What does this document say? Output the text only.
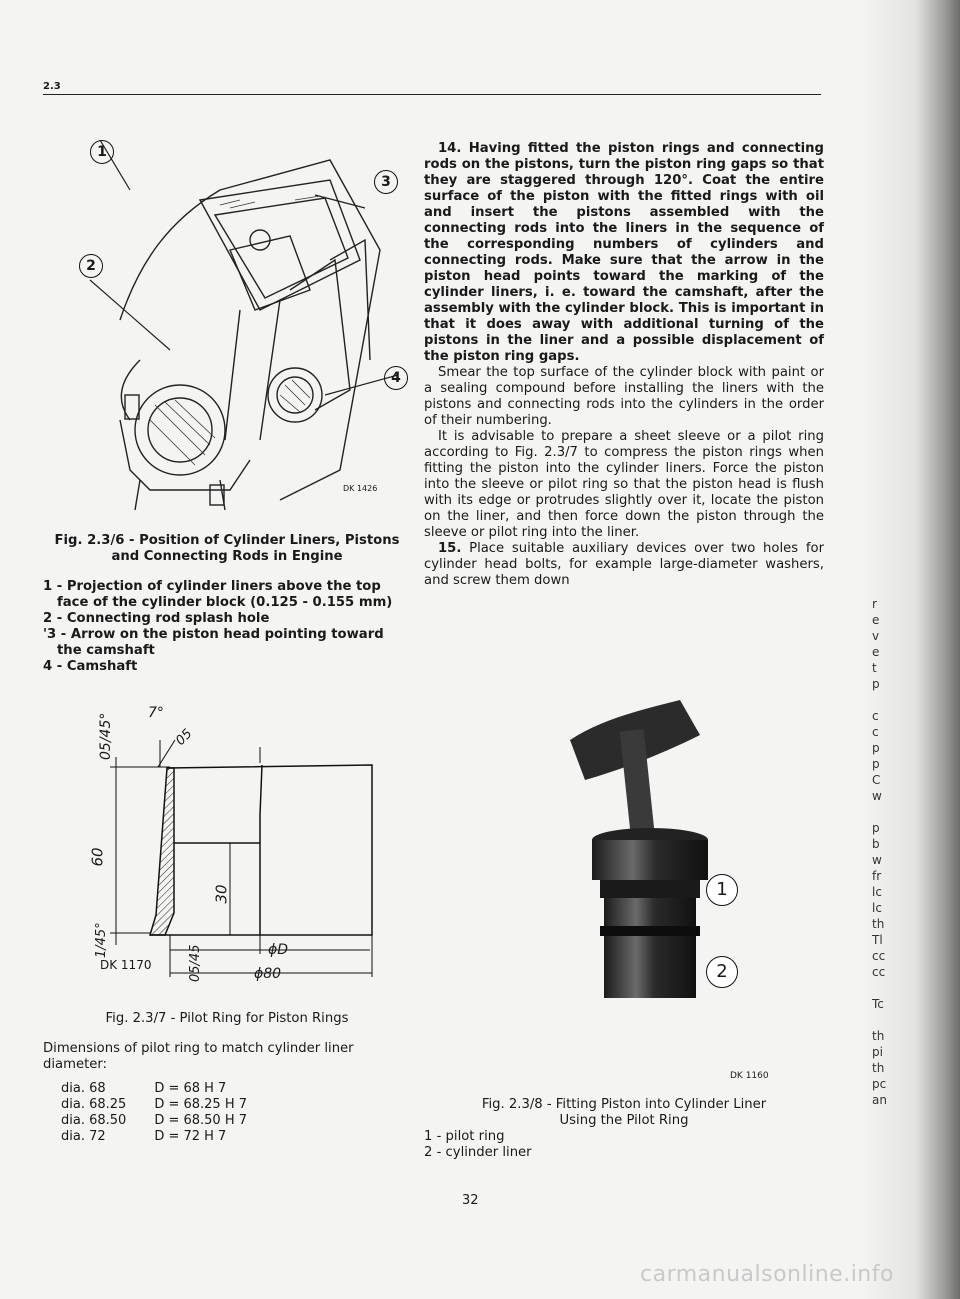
2.3
1
2
3
4
DK 1426
Fig. 2.3/6 - Position of Cylinder Liners, Pistons
and Connecting Rods in Engine
1 - Projection of cylinder liners above the top face of the cylinder block (0.125 - 0.155 mm)
2 - Connecting rod splash hole
'3 - Arrow on the piston head pointing toward the camshaft
4 - Camshaft
05/45° 7°
05
60
30
1/45°
05/45	ϕD
ϕ80
DK 1170
Fig. 2.3/7 - Pilot Ring for Piston Rings
Dimensions of pilot ring to match cylinder liner diameter:
dia. 68	D = 68 H 7
dia. 68.25	D = 68.25 H 7
dia. 68.50	D = 68.50 H 7
dia. 72	D = 72 H 7

14. Having fitted the piston rings and connecting rods on the pistons, turn the piston ring gaps so that they are staggered through 120°. Coat the entire surface of the piston with the fitted rings with oil and insert the pistons assembled with the connecting rods into the liners in the sequence of the corresponding numbers of cylinders and connecting rods. Make sure that the arrow in the piston head points toward the marking of the cylinder liners, i. e. toward the camshaft, after the assembly with the cylinder block. This is important in that it does away with additional turning of the pistons in the liner and a possible displacement of the piston ring gaps.

Smear the top surface of the cylinder block with paint or a sealing compound before installing the liners with the pistons and connecting rods into the cylinders in the order of their numbering.

It is advisable to prepare a sheet sleeve or a pilot ring according to Fig. 2.3/7 to compress the piston rings when fitting the piston into the cylinder liners. Force the piston into the sleeve or pilot ring so that the piston head is flush with its edge or protrudes slightly over it, locate the piston on the liner, and then force down the piston through the sleeve or pilot ring into the liner.

15. Place suitable auxiliary devices over two holes for cylinder head bolts, for example large-diameter washers, and screw them down

1
2
DK 1160
Fig. 2.3/8 - Fitting Piston into Cylinder Liner
Using the Pilot Ring
1 - pilot ring
2 - cylinder liner
32
r
e
v
e
t
p
c
c
p
p
C
w
p
b
w
fr
lc
lc
th
Tl
cc
cc
Tc
th
pi
th
pc
an
carmanualsonline.info
